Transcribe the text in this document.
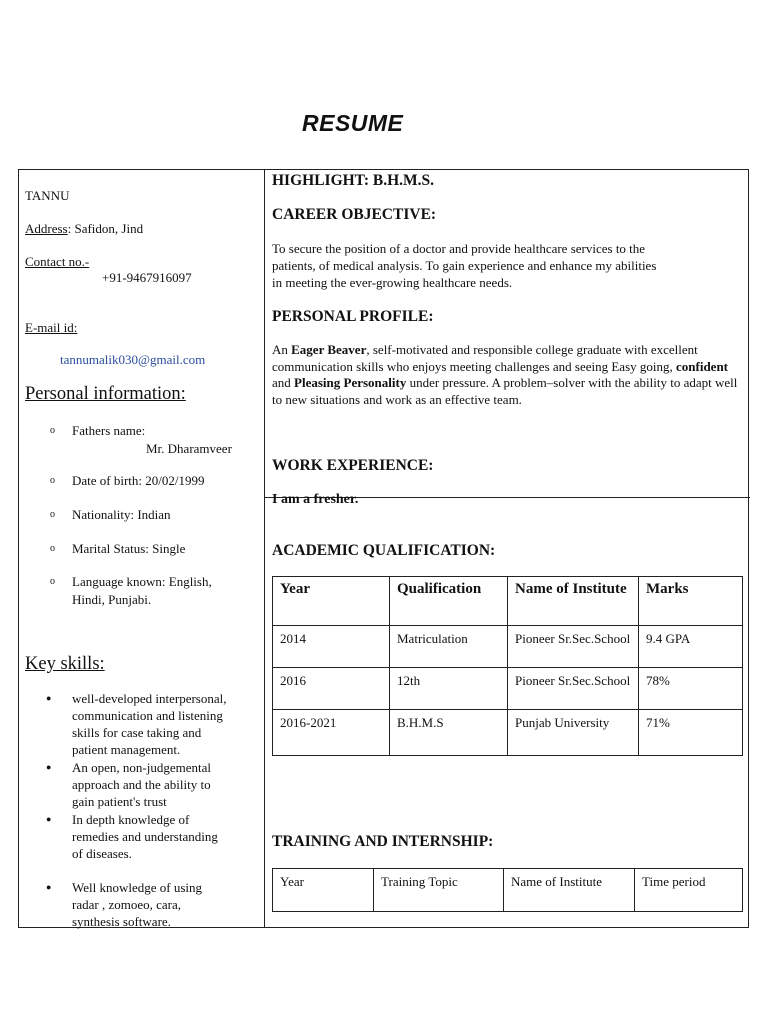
RESUME
TANNU
Address: Safidon, Jind
Contact no.-
+91-9467916097
E-mail id:
tannumalik030@gmail.com
Personal information:
o Fathers name:
Mr. Dharamveer
o Date of birth: 20/02/1999
o Nationality: Indian
o Marital Status: Single
o Language known: English,
Hindi, Punjabi.
Key skills:
● well-developed interpersonal,
communication and listening
skills for case taking and
patient management.
● An open, non-judgemental
approach and the ability to
gain patient's trust
● In depth knowledge of
remedies and understanding
of diseases.
● Well knowledge of using
radar , zomoeo, cara,
synthesis software.
HIGHLIGHT: B.H.M.S.
CAREER OBJECTIVE:
To secure the position of a doctor and provide healthcare services to the
patients, of medical analysis. To gain experience and enhance my abilities
in meeting the ever-growing healthcare needs.
PERSONAL PROFILE:
An Eager Beaver, self-motivated and responsible college graduate with excellent communication skills who enjoys meeting challenges and seeing Easy going, confident and Pleasing Personality under pressure. A problem–solver with the ability to adapt well to new situations and work as an effective team.
WORK EXPERIENCE:
I am a fresher.
ACADEMIC QUALIFICATION:
Year	Qualification	Name of Institute	Marks
2014	Matriculation	Pioneer Sr.Sec.School	9.4 GPA
2016	12th	Pioneer Sr.Sec.School	78%
2016-2021	B.H.M.S	Punjab University	71%
TRAINING AND INTERNSHIP:
Year	Training Topic	Name of Institute	Time period
